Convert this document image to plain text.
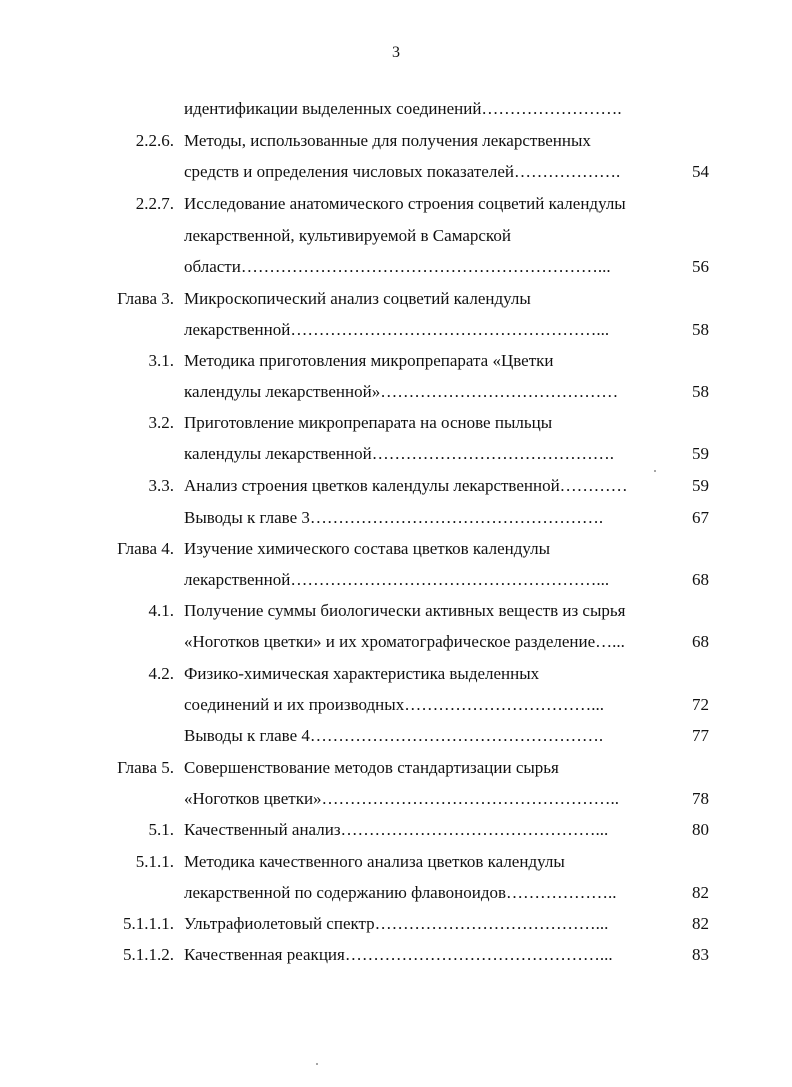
3
идентификации выделенных соединений…………………….
2.2.6. Методы, использованные для получения лекарственных
средств и определения числовых показателей……………….	54
2.2.7. Исследование анатомического строения соцветий календулы
лекарственной, культивируемой в Самарской
области………………………………………………………...	56
Глава 3. Микроскопический анализ соцветий календулы
лекарственной………………………………………………...	58
3.1. Методика приготовления микропрепарата «Цветки
календулы лекарственной»……………………………………	58
3.2. Приготовление микропрепарата на основе пыльцы
календулы лекарственной…………………………………….	59
3.3. Анализ строения цветков календулы лекарственной…………	59
Выводы к главе 3…………………………………………….	67
Глава 4. Изучение химического состава цветков календулы
лекарственной………………………………………………...	68
4.1. Получение суммы биологически активных веществ из сырья
«Ноготков цветки» и их хроматографическое разделение…...	68
4.2. Физико-химическая характеристика выделенных
соединений и их производных……………………………...	72
Выводы к главе 4…………………………………………….	77
Глава 5. Совершенствование методов стандартизации сырья
«Ноготков цветки»……………………………………………..	78
5.1. Качественный анализ………………………………………...	80
5.1.1. Методика качественного анализа цветков календулы
лекарственной по содержанию флавоноидов………………..	82
5.1.1.1. Ультрафиолетовый спектр…………………………………...	82
5.1.1.2. Качественная реакция………………………………………...	83
